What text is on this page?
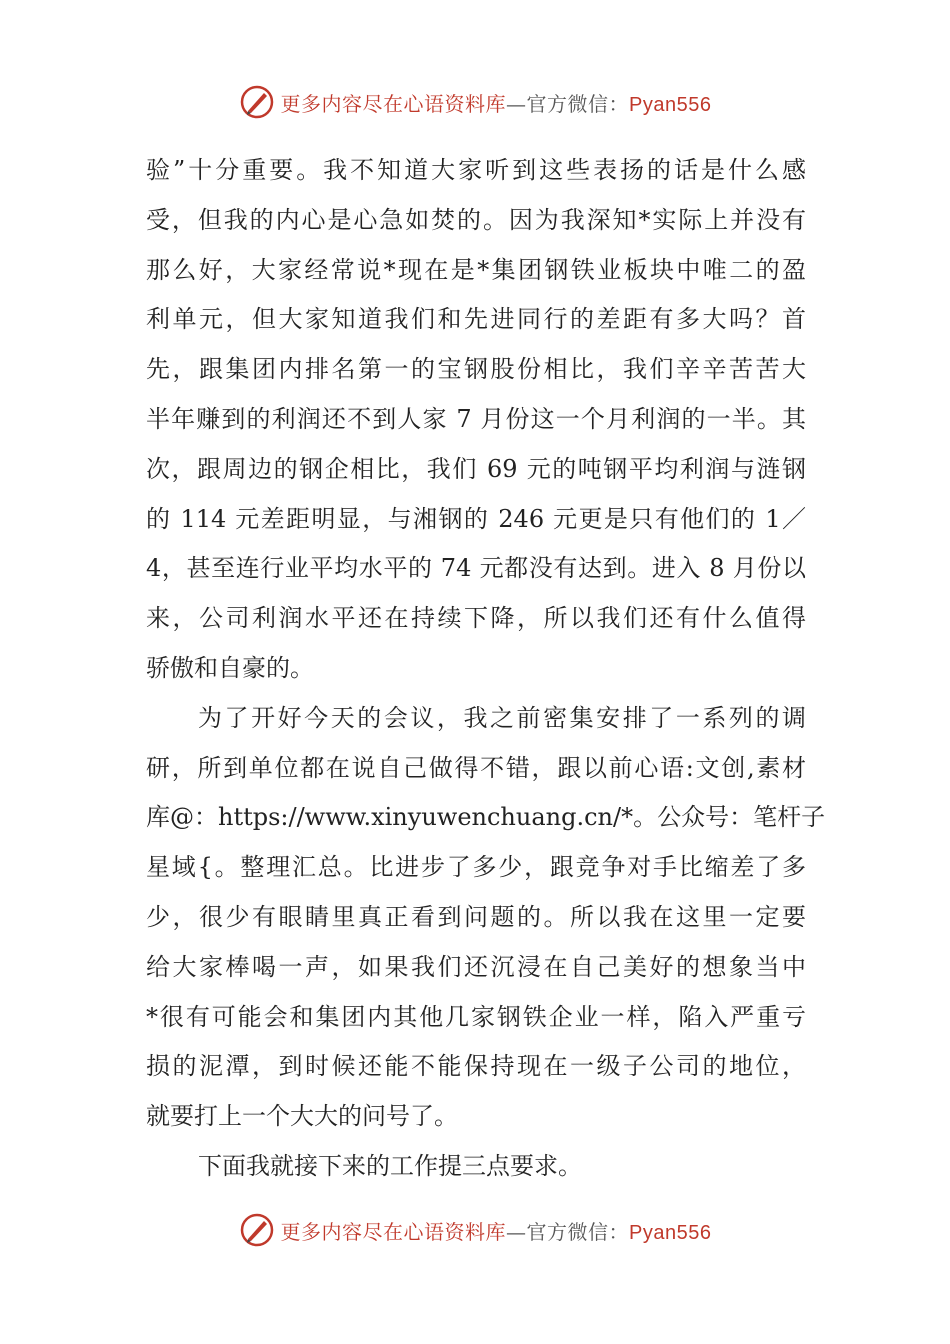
更多内容尽在心语资料库—官方微信：Pyan556
验”十分重要。我不知道大家听到这些表扬的话是什么感
受，但我的内心是心急如焚的。因为我深知*实际上并没有
那么好，大家经常说*现在是*集团钢铁业板块中唯二的盈
利单元，但大家知道我们和先进同行的差距有多大吗？首
先，跟集团内排名第一的宝钢股份相比，我们辛辛苦苦大
半年赚到的利润还不到人家 7 月份这一个月利润的一半。其
次，跟周边的钢企相比，我们 69 元的吨钢平均利润与涟钢
的 114 元差距明显，与湘钢的 246 元更是只有他们的 1／
4，甚至连行业平均水平的 74 元都没有达到。进入 8 月份以
来，公司利润水平还在持续下降，所以我们还有什么值得
骄傲和自豪的。
为了开好今天的会议，我之前密集安排了一系列的调
研，所到单位都在说自己做得不错，跟以前心语:文创,素材
库@：https://www.xinyuwenchuang.cn/*。公众号：笔杆子
星域{。整理汇总。比进步了多少，跟竞争对手比缩差了多
少，很少有眼睛里真正看到问题的。所以我在这里一定要
给大家棒喝一声，如果我们还沉浸在自己美好的想象当中
*很有可能会和集团内其他几家钢铁企业一样，陷入严重亏
损的泥潭，到时候还能不能保持现在一级子公司的地位，
就要打上一个大大的问号了。
下面我就接下来的工作提三点要求。
更多内容尽在心语资料库—官方微信：Pyan556
